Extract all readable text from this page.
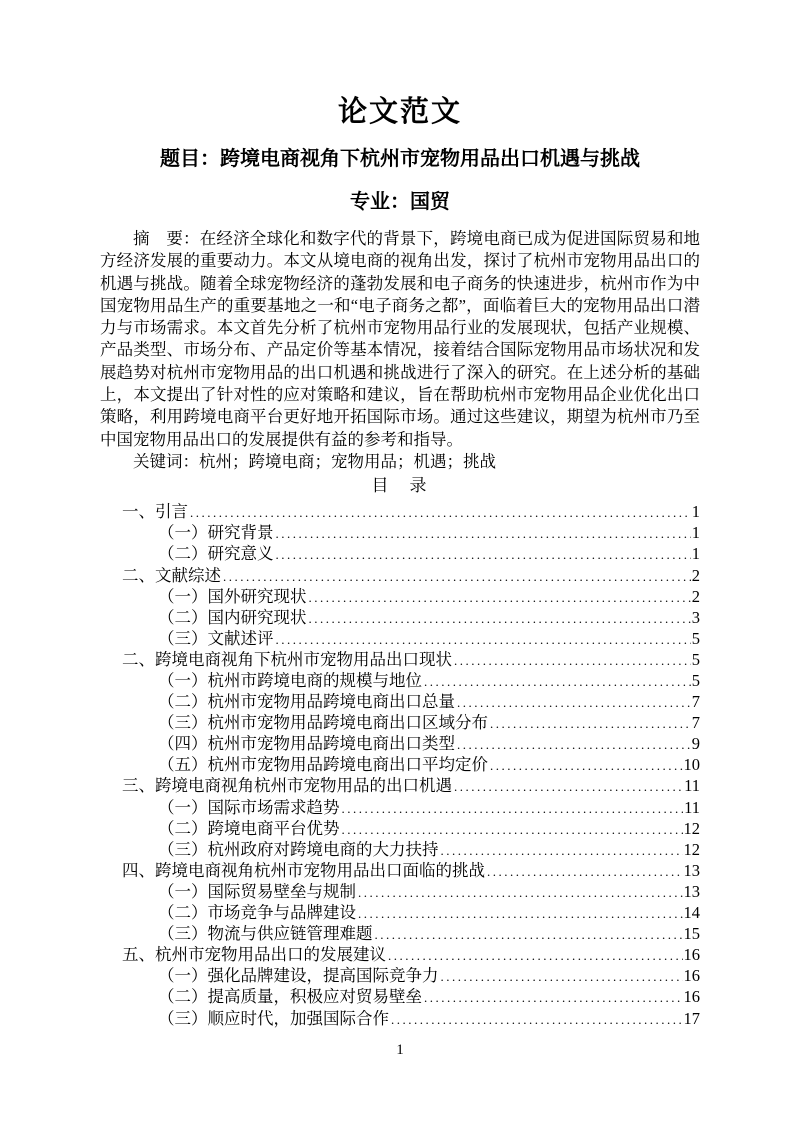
论文范文
题目：跨境电商视角下杭州市宠物用品出口机遇与挑战
专业：国贸

摘　要：在经济全球化和数字代的背景下，跨境电商已成为促进国际贸易和地方经济发展的重要动力。本文从境电商的视角出发，探讨了杭州市宠物用品出口的机遇与挑战。随着全球宠物经济的蓬勃发展和电子商务的快速进步，杭州市作为中国宠物用品生产的重要基地之一和“电子商务之都”，面临着巨大的宠物用品出口潜力与市场需求。本文首先分析了杭州市宠物用品行业的发展现状，包括产业规模、产品类型、市场分布、产品定价等基本情况，接着结合国际宠物用品市场状况和发展趋势对杭州市宠物用品的出口机遇和挑战进行了深入的研究。在上述分析的基础上，本文提出了针对性的应对策略和建议，旨在帮助杭州市宠物用品企业优化出口策略，利用跨境电商平台更好地开拓国际市场。通过这些建议，期望为杭州市乃至中国宠物用品出口的发展提供有益的参考和指导。

关键词：杭州；跨境电商；宠物用品；机遇；挑战

目　录
一、引言 .....	1
（一）研究背景 .....	1
（二）研究意义 .....	1
二、文献综述 .....	2
（一）国外研究现状 .....	2
（二）国内研究现状 .....	3
（三）文献述评 .....	5
二、跨境电商视角下杭州市宠物用品出口现状 .....	5
（一）杭州市跨境电商的规模与地位 .....	5
（二）杭州市宠物用品跨境电商出口总量 .....	7
（三）杭州市宠物用品跨境电商出口区域分布 .....	7
（四）杭州市宠物用品跨境电商出口类型 .....	9
（五）杭州市宠物用品跨境电商出口平均定价 .....	10
三、跨境电商视角杭州市宠物用品的出口机遇 .....	11
（一）国际市场需求趋势 .....	11
（二）跨境电商平台优势 .....	12
（三）杭州政府对跨境电商的大力扶持 .....	12
四、跨境电商视角杭州市宠物用品出口面临的挑战 .....	13
（一）国际贸易壁垒与规制 .....	13
（二）市场竞争与品牌建设 .....	14
（三）物流与供应链管理难题 .....	15
五、杭州市宠物用品出口的发展建议 .....	16
（一）强化品牌建设，提高国际竞争力 .....	16
（二）提高质量，积极应对贸易壁垒 .....	16
（三）顺应时代，加强国际合作 .....	17
1
